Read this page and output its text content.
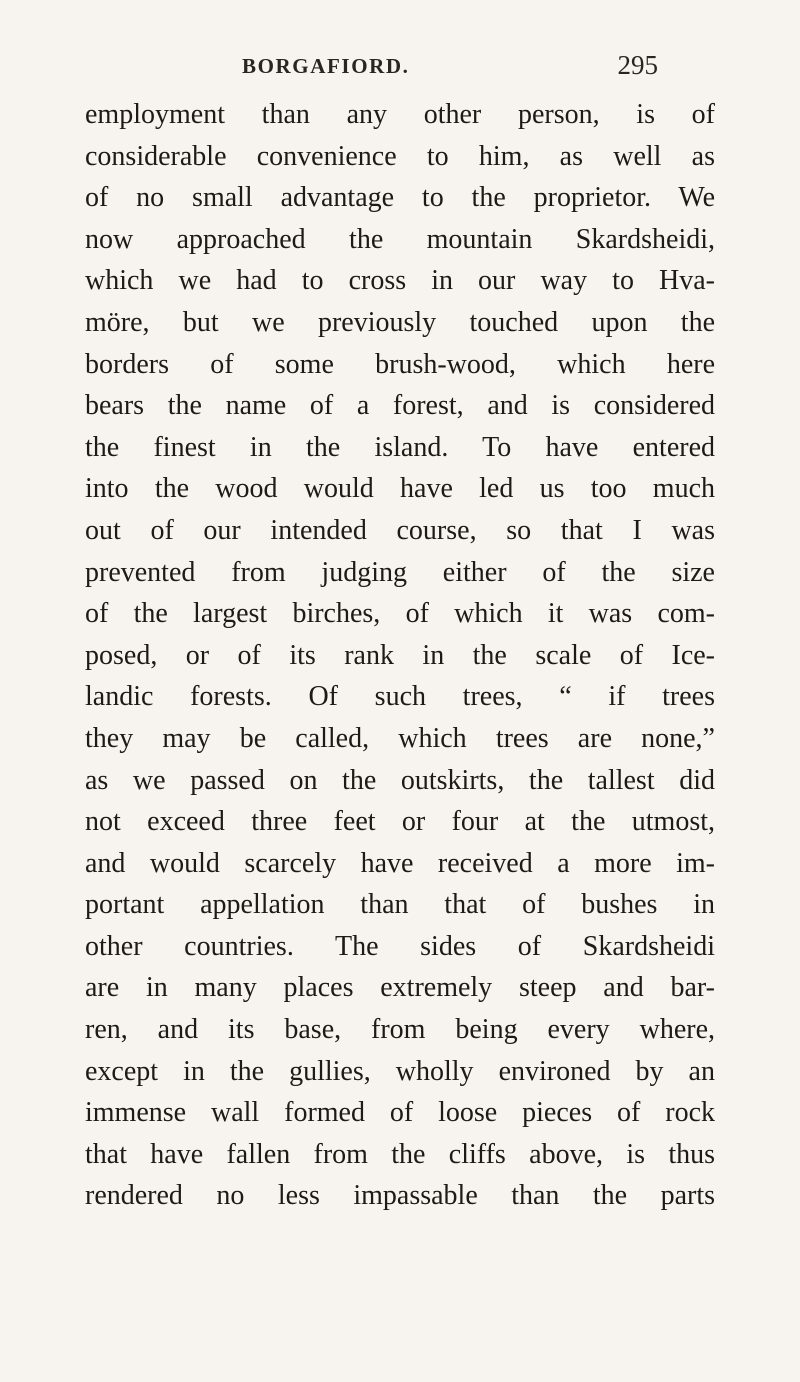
BORGAFIORD.	295
employment than any other person, is of
considerable convenience to him, as well as
of no small advantage to the proprietor. We
now approached the mountain Skardsheidi,
which we had to cross in our way to Hva-
möre, but we previously touched upon the
borders of some brush-wood, which here
bears the name of a forest, and is considered
the finest in the island. To have entered
into the wood would have led us too much
out of our intended course, so that I was
prevented from judging either of the size
of the largest birches, of which it was com-
posed, or of its rank in the scale of Ice-
landic forests. Of such trees, “ if trees
they may be called, which trees are none,”
as we passed on the outskirts, the tallest did
not exceed three feet or four at the utmost,
and would scarcely have received a more im-
portant appellation than that of bushes in
other countries. The sides of Skardsheidi
are in many places extremely steep and bar-
ren, and its base, from being every where,
except in the gullies, wholly environed by an
immense wall formed of loose pieces of rock
that have fallen from the cliffs above, is thus
rendered no less impassable than the parts
